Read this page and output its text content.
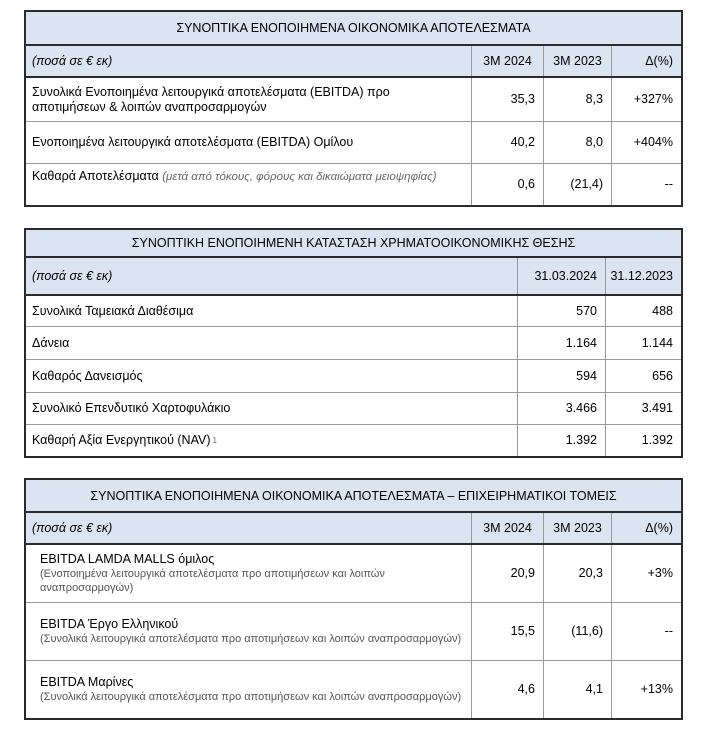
ΣΥΝΟΠΤΙΚΑ ΕΝΟΠΟΙΗΜΕΝΑ ΟΙΚΟΝΟΜΙΚΑ ΑΠΟΤΕΛΕΣΜΑΤΑ
(ποσά σε € εκ)	3M 2024	3M 2023	Δ(%)
Συνολικά Ενοποιημένα λειτουργικά αποτελέσματα (EBITDA) προ αποτιμήσεων & λοιπών αναπροσαρμογών
35,3	8,3	+327%
Ενοποιημένα λειτουργικά αποτελέσματα (EBITDA) Ομίλου	40,2	8,0	+404%
Καθαρά Αποτελέσματα (μετά από τόκους, φόρους και δικαιώματα μειοψηφίας)	0,6	(21,4)	--
ΣΥΝΟΠΤΙΚΗ ΕΝΟΠΟΙΗΜΕΝΗ ΚΑΤΑΣΤΑΣΗ ΧΡΗΜΑΤΟΟΙΚΟΝΟΜΙΚΗΣ ΘΕΣΗΣ
(ποσά σε € εκ)	31.03.2024	31.12.2023
Συνολικά Ταμειακά Διαθέσιμα	570	488
Δάνεια	1.164	1.144
Καθαρός Δανεισμός	594	656
Συνολικό Επενδυτικό Χαρτοφυλάκιο	3.466	3.491
Καθαρή Αξία Ενεργητικού (NAV) 1	1.392	1.392
ΣΥΝΟΠΤΙΚΑ ΕΝΟΠΟΙΗΜΕΝΑ ΟΙΚΟΝΟΜΙΚΑ ΑΠΟΤΕΛΕΣΜΑΤΑ – ΕΠΙΧΕΙΡΗΜΑΤΙΚΟΙ ΤΟΜΕΙΣ
(ποσά σε € εκ)	3M 2024	3M 2023	Δ(%)
EBITDA LAMDA MALLS όμιλος
(Ενοποιημένα λειτουργικά αποτελέσματα προ αποτιμήσεων και λοιπών αναπροσαρμογών)
20,9	20,3	+3%
EBITDA Έργο Ελληνικού
(Συνολικά λειτουργικά αποτελέσματα προ αποτιμήσεων και λοιπών αναπροσαρμογών)
15,5	(11,6)	--
EBITDA Μαρίνες
(Συνολικά λειτουργικά αποτελέσματα προ αποτιμήσεων και λοιπών αναπροσαρμογών)
4,6	4,1	+13%
